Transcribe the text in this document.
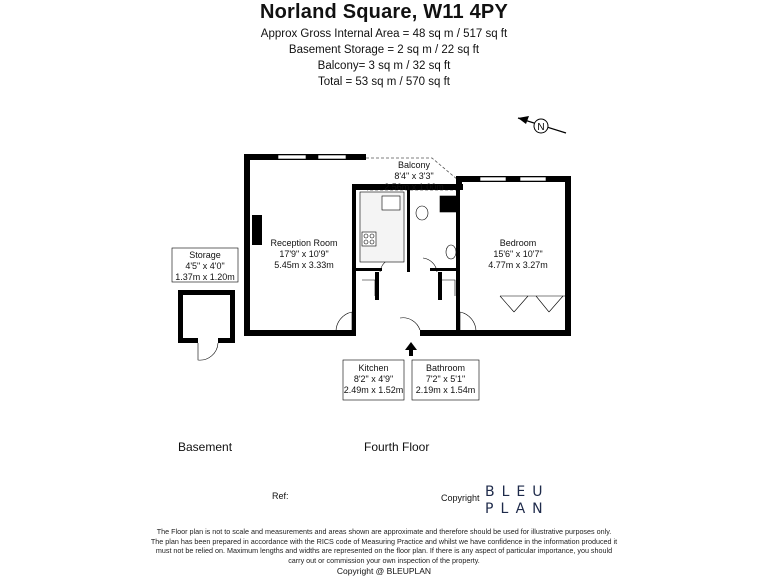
Norland Square, W11 4PY
Approx Gross Internal Area = 48 sq m / 517 sq ft
Basement Storage = 2 sq m / 22 sq ft
Balcony= 3 sq m / 32 sq ft
Total = 53 sq m / 570 sq ft
N
Balcony
8'4" x 3'3"
2.56m x 1.00m
Reception Room
17'9" x 10'9"
5.45m x 3.33m
Bedroom
15'6" x 10'7"
4.77m x 3.27m
Storage
4'5" x 4'0"
1.37m x 1.20m
Kitchen
8'2" x 4'9"
2.49m x 1.52m
Bathroom
7'2" x 5'1"
2.19m x 1.54m
Basement	Fourth Floor
Ref:	Copyright BLEU
PLAN
The Floor plan is not to scale and measurements and areas shown are approximate and therefore should be used for illustrative purposes only. The plan has been prepared in accordance with the RICS code of Measuring Practice and whilst we have confidence in the information produced it must not be relied on. Maximum lengths and widths are represented on the floor plan. If there is any aspect of particular importance, you should carry out or commission your own inspection of the property.
Copyright @ BLEUPLAN
